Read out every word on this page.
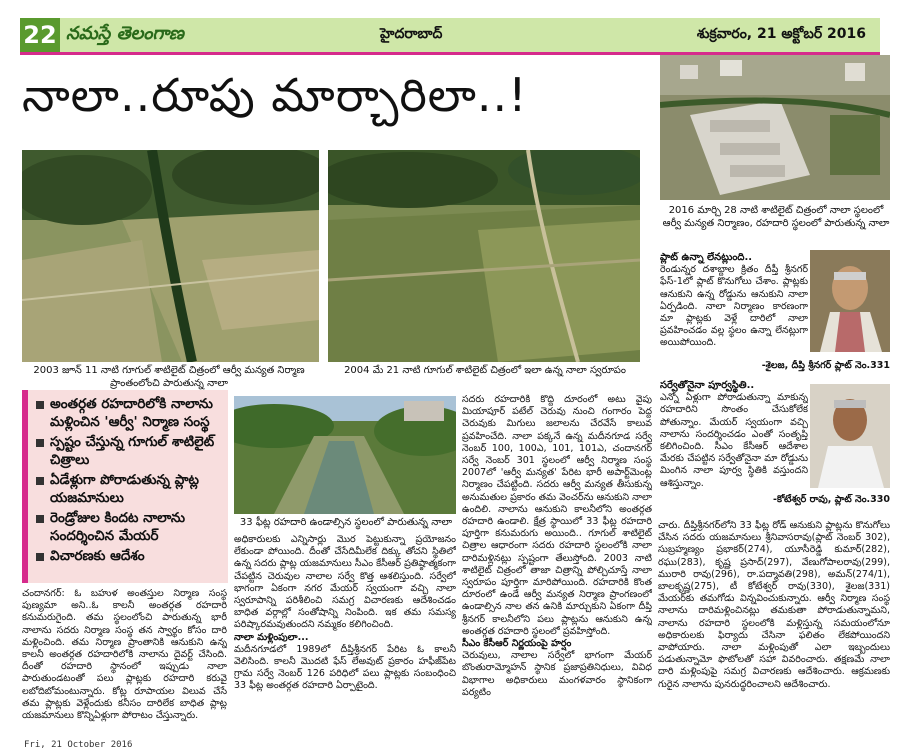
22 నమస్తే తెలంగాణ	హైదరాబాద్	శుక్రవారం, 21 అక్టోబర్ 2016
నాలా..రూపు మార్చారిలా..!
2003 జూన్ 11 నాటి గూగుల్ శాటిలైట్ చిత్రంలో ఆర్వీ మన్యత నిర్మాణ ప్రాంతంలోంచి పారుతున్న నాలా
2004 మే 21 నాటి గూగుల్ శాటిలైట్ చిత్రంలో ఇలా ఉన్న నాలా స్వరూపం
2016 మార్చి 28 నాటి శాటిలైట్ చిత్రంలో నాలా స్థలంలో ఆర్వీ మన్యత నిర్మాణం, రహదారి స్థలంలో పారుతున్న నాలా
33 ఫీట్ల రహదారి ఉండాల్సిన స్థలంలో పారుతున్న నాలా
అంతర్గత రహదారిలోకి నాలాను మళ్లించిన 'ఆర్వీ' నిర్మాణ సంస్థ
స్పష్టం చేస్తున్న గూగుల్ శాటిలైట్ చిత్రాలు
ఏడేళ్లుగా పోరాడుతున్న ప్లాట్ల యజమానులు
రెండ్రోజుల కిందట నాలాను సందర్శించిన మేయర్
విచారణకు ఆదేశం

చందానగర్: ఓ బహుళ అంతస్తుల నిర్మాణ సంస్థ పుణ్యమా అని..ఓ కాలనీ అంతర్గత రహదారి కనుమరుగైంది. తమ స్థలంలోంచి పారుతున్న భారీ నాలాను సదరు నిర్మాణ సంస్థ తన స్వార్థం కోసం దారి మళ్లించింది. తమ నిర్మాణ ప్రాంతానికి ఆనుకుని ఉన్న కాలనీ అంతర్గత రహదారిలోకి నాలాను దైవర్ట్ చేసింది. దీంతో రహదారి స్థానంలో ఇప్పుడు నాలా పారుతుండటంతో పలు ప్లాట్లకు రహదారి కరువై లబోదిబోమంటున్నారు. కోట్ల రూపాయల విలువ చేసే తమ ప్లాట్లకు వెళ్లేందుకు కనీసం దారిలేక బాధిత ప్లాట్ల యజమానులు కొన్నిఏళ్లుగా పోరాటం చేస్తున్నారు.

అధికారులకు ఎన్నిసార్లు మొర పెట్టుకున్నా ప్రయోజనం లేకుండా పోయింది. దీంతో చేసేదిమీలేక దిక్కు తోచని స్థితిలో ఉన్న సదరు ప్లాట్ల యజమానులు సీఎం కేసీఆర్ ప్రతిష్ఠాత్మకంగా చేపట్టిన చెరువుల నాలాల సర్వే కొత్త ఆశలిస్తుంది. సర్వేలో భాగంగా ఏకంగా నగర మేయర్ స్వయంగా వచ్చి నాలా స్వరూపాన్ని పరిశీలించి సమగ్ర విచారణకు ఆదేశించడం బాధిత వర్గాల్లో సంతోషాన్ని నింపింది. ఇక తమ సమస్య పరిష్కారమవుతుందని నమ్మకం కలిగించింది.

నాలా మళ్లింపులా...

మదీనగూడలో 1989లో దీప్తిశ్రీనగర్ పేరిట ఓ కాలనీ వెలిసింది. కాలనీ మొదటి ఫేస్ లేఅవుట్ ప్రకారం హఫీజ్‌పేట గ్రామ సర్వే నెంబర్ 126 పరిధిలో పలు ప్లాట్లకు సంబంధించి 33 ఫీట్ల అంతర్గత రహదారి ఏర్పాటైంది.

సదరు రహదారికి కొద్ది దూరంలో అటు వైపు మియాపూర్ పటేల్ చెరువు నుంచి గంగారం పెద్ద చెరువుకు మిగులు జలాలను చేరవేసే కాలువ ప్రవహించేది. నాలా పక్కనే ఉన్న మదీనగూడ సర్వే నెంబర్ 100, 100ఎ, 101, 101ఎ, చందానగర్ సర్వే నెంబర్ 301 స్థలంలో ఆర్వీ నిర్మాణ సంస్థ 2007లో 'ఆర్వీ మన్యత' పేరిట భారీ అపార్ట్‌మెంట్ల నిర్మాణం చేపట్టింది. సదరు ఆర్వీ మన్యత తీసుకున్న అనుమతుల ప్రకారం తమ వెంచర్‌ను ఆనుకుని నాలా ఉందిలి. నాలాను ఆనుకుని కాలనీలోని అంతర్గత రహదారి ఉండాలి. క్షేత్ర స్థాయిలో 33 ఫీట్ల రహదారి పూర్తిగా కనుమరుగు అయింది.. గూగుల్ శాటిలైట్ చిత్రాల ఆధారంగా సదరు రహదారి స్థలంలోకి నాలా దారిమళ్లినట్లు స్పష్టంగా తేలుస్తోంది. 2003 నాటి శాటిలైట్ చిత్రంలో తాజా చిత్రాన్ని పోల్చిచూస్తే నాలా స్వరూపం పూర్తిగా మారిపోయింది. రహదారికి కొంత దూరంలో ఉండే ఆర్వీ మన్యత నిర్మాణ ప్రాంగణంలో ఉండాల్సిన నాల తన ఉనికి మార్చుకుని ఏకంగా దీప్తి శ్రీనగర్ కాలనీలోని పలు ప్లాట్లను ఆనుకుని ఉన్న అంతర్గత రహదారి స్థలంలో ప్రవహిస్తోంది.

సీఎం కేసీఆర్ నిర్ణయంపై హర్షం

చెరువులు, నాలాల సర్వేలో భాగంగా మేయర్ బొంతురామ్మోహన్ స్థానిక ప్రజాప్రతినిధులు, వివిధ విభాగాల అధికారులు మంగళవారం స్థానికంగా పర్యటిం

చారు. దీప్తిశ్రీనగర్‌లోని 33 ఫీట్ల రోడ్ ఆనుకుని ప్లాట్లను కొనుగోలు చేసిన సదరు యజమానులు శ్రీనివాసరావు(ప్లాట్ నెంబర్ 302), సుబ్రహ్మణ్యం ప్రభాకర్(274), యూసీరెడ్డి కుమార్(282), రఘు(283), కృష్ణ ప్రసాద్(297), వేణుగోపాలరావు(299), మురారి రావు(296), రా.పద్మావతి(298), అమన్(274/1), బాలకృష్ణ(275), టీ కోటేశ్వర్ రావు(330), శైలజ(331) మేయర్‌కు తమగోడు విన్నవించుకున్నారు. ఆర్వీ నిర్మాణ సంస్థ నాలాను దారిమళ్లించినట్లు తమకుతా పోరాడుతున్నామని, నాలాను రహదారి స్థలంలోకి మళ్లిస్తున్న సమయంలోనూ అధికారులకు ఫిర్యాదు చేసినా ఫలితం లేకపోయిందని వాపోయారు. నాలా మళ్లింపుతో ఎలా ఇబ్బందులు పడుతున్నామో ఫొటోలతో సహా వివరించారు. తక్షణమే నాలా దారి మళ్లింపుపై సమగ్ర విచారణకు ఆదేశించారు. ఆక్రమణకు గురైన నాలాను పునరుద్ధరించాలని ఆదేశించారు.

ప్లాట్ ఉన్నా లేనట్లుంది..

రెండున్నర దశాబ్దాల క్రితం దీప్తీ శ్రీనగర్ ఫేస్-1లో ప్లాట్ కొనుగోలు చేశాం. ప్లాట్లకు ఆనుకుని ఉన్న రోడ్డును ఆనుకుని నాలా ఏర్పడింది. నాలా నిర్మాణం కారణంగా మా ప్లాట్లకు వెళ్లే దారిలో నాలా ప్రవహించడం వల్ల స్థలం ఉన్నా లేనట్లుగా అయిపోయింది.

-శైలజ, దీప్తి శ్రీనగర్ ప్లాట్ నెం.331

సర్వేతోనైనా పూర్వస్థితి..

ఎన్నో ఏళ్లుగా పోరాడుతున్నా మాకున్న రహదారిని సొంతం చేసుకోలేక పోతున్నాం. మేయర్ స్వయంగా వచ్చి నాలాను సందర్శించడం ఎంతో సంతృప్తి కలిగించింది. సీఎం కేసీఆర్ ఆదేశాల మేరకు చేపట్టిన సర్వేతోనైనా మా రోడ్డును మింగిన నాలా పూర్వ స్థితికి వస్తుందని ఆశిస్తున్నాం.

-కోటేశ్వర్ రావు, ప్లాట్ నెం.330
Fri, 21 October 2016
